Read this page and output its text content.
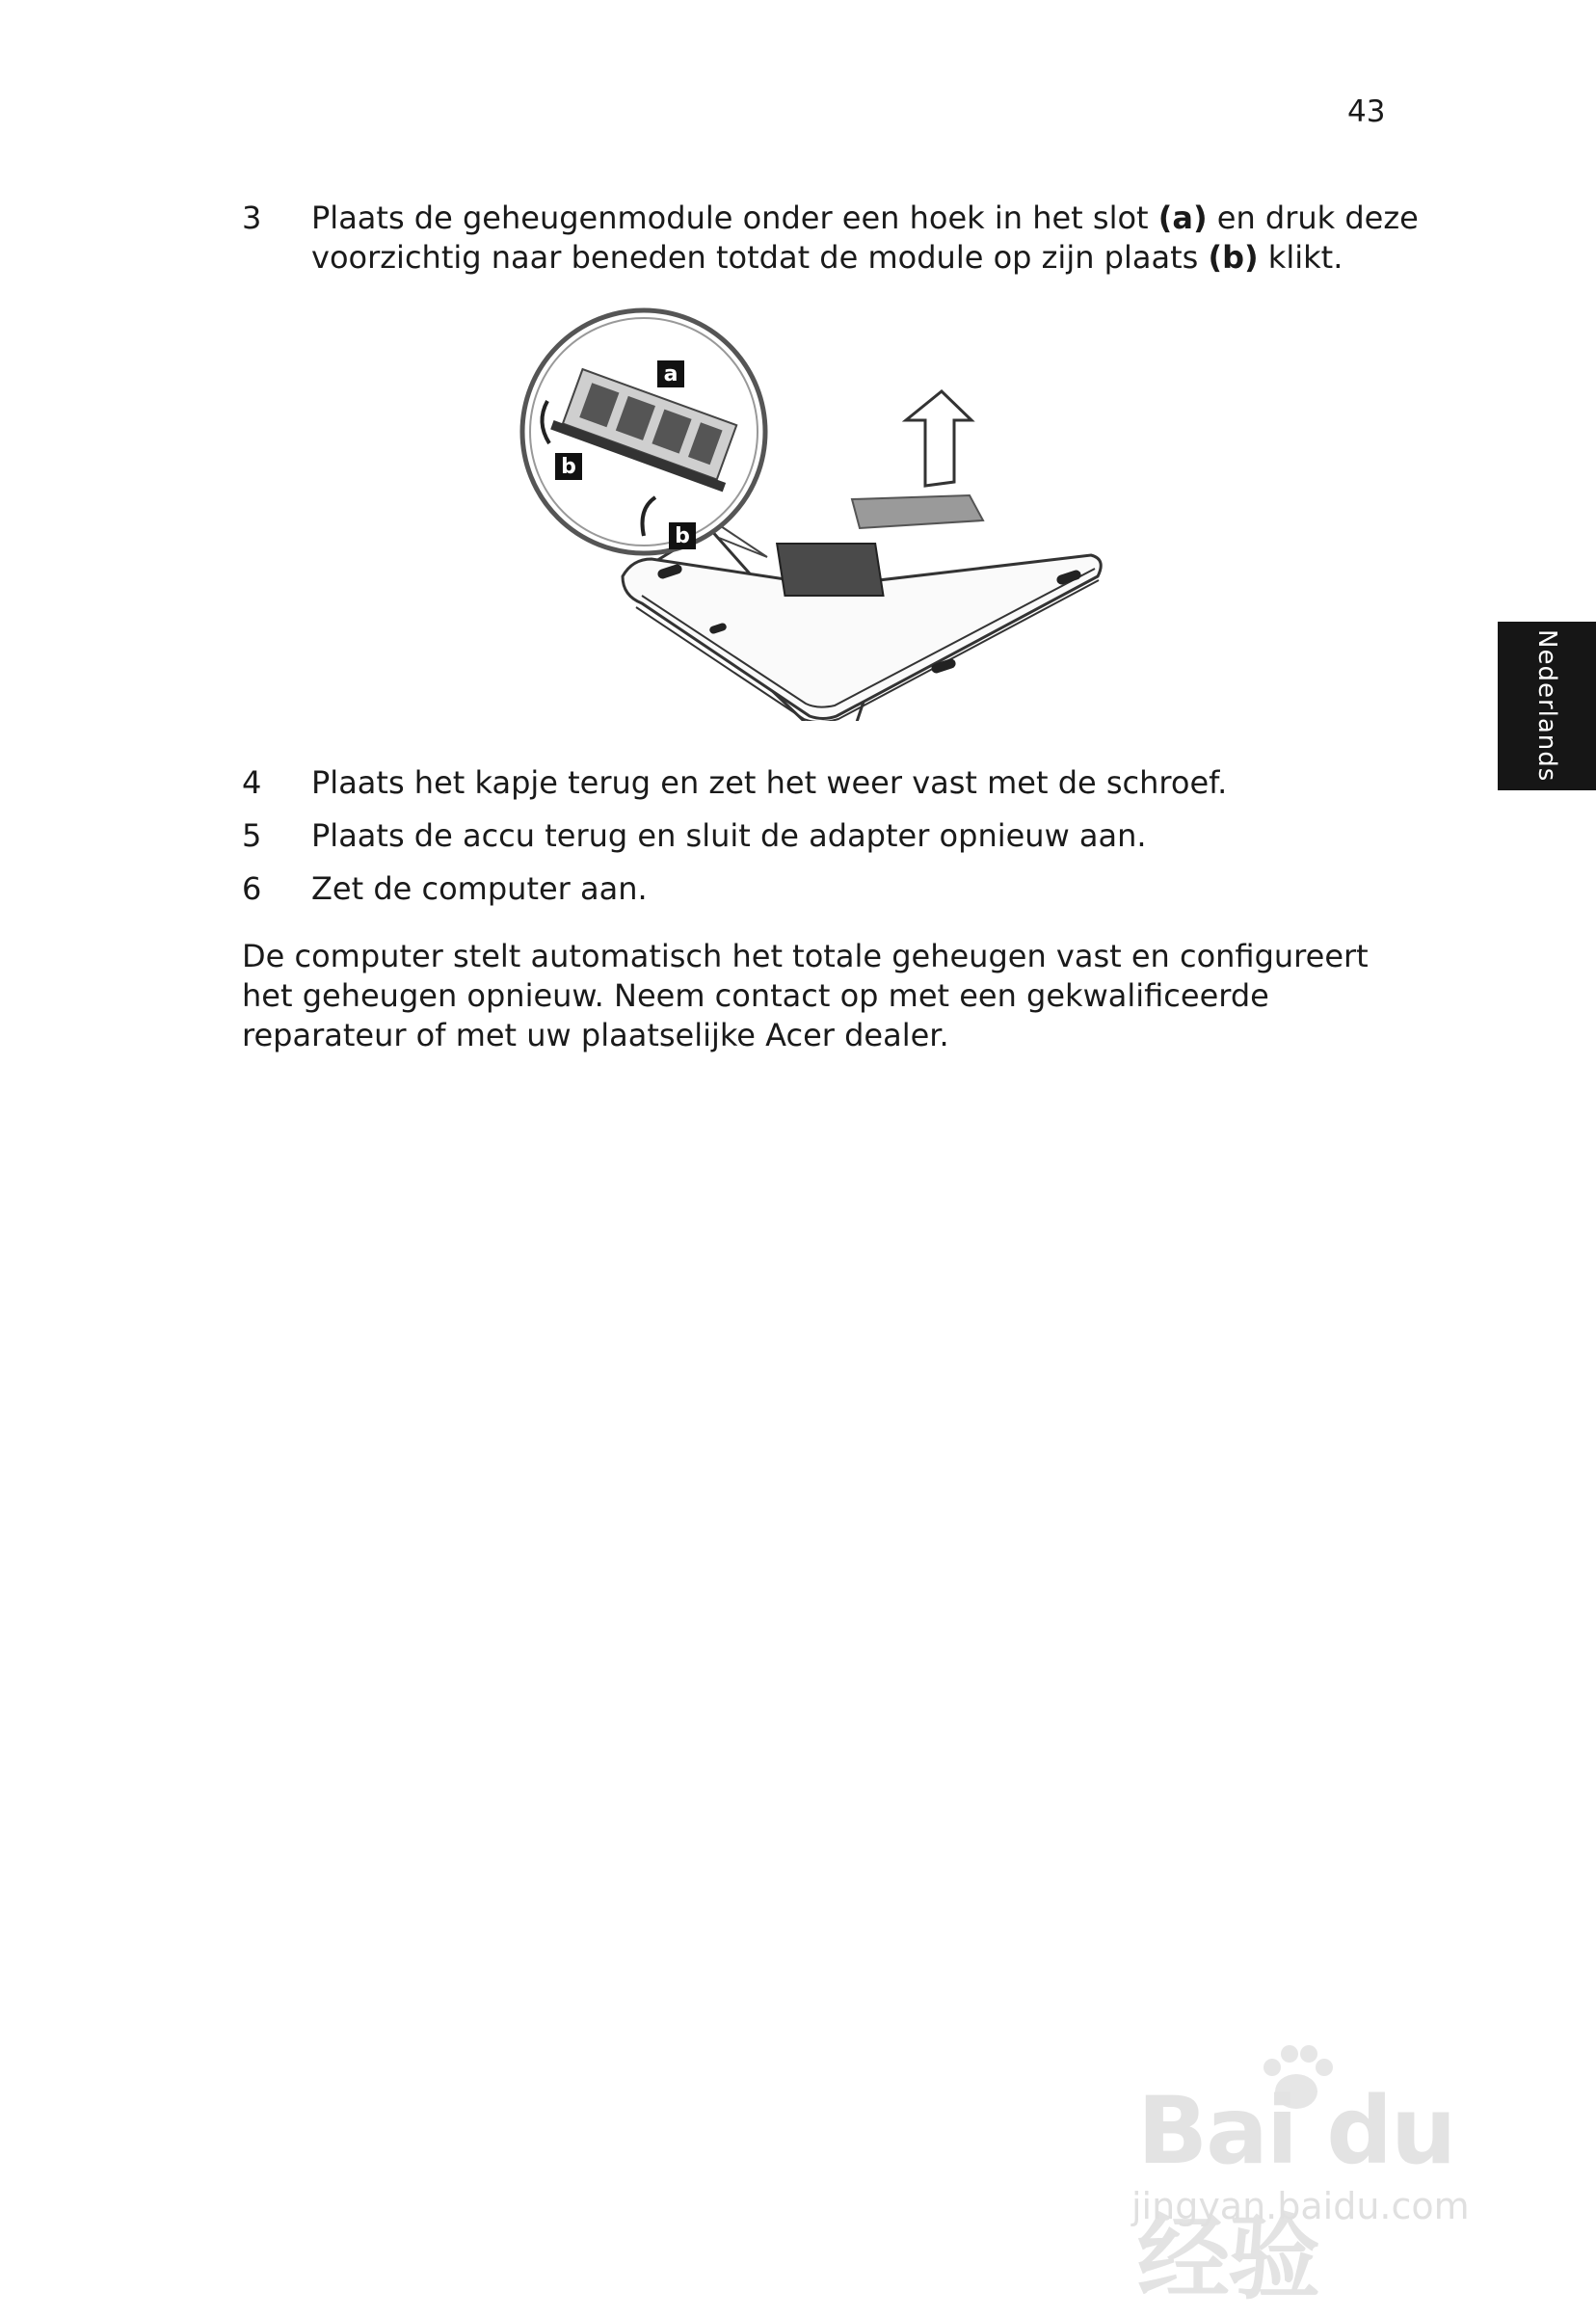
43
3 Plaats de geheugenmodule onder een hoek in het slot (a) en druk deze voorzichtig naar beneden totdat de module op zijn plaats (b) klikt.
a
b
b
4 Plaats het kapje terug en zet het weer vast met de schroef.
5 Plaats de accu terug en sluit de adapter opnieuw aan.
6 Zet de computer aan.
De computer stelt automatisch het totale geheugen vast en configureert het geheugen opnieuw. Neem contact op met een gekwalificeerde reparateur of met uw plaatselijke Acer dealer.
Nederlands
Bai du 经验
jingyan.baidu.com
